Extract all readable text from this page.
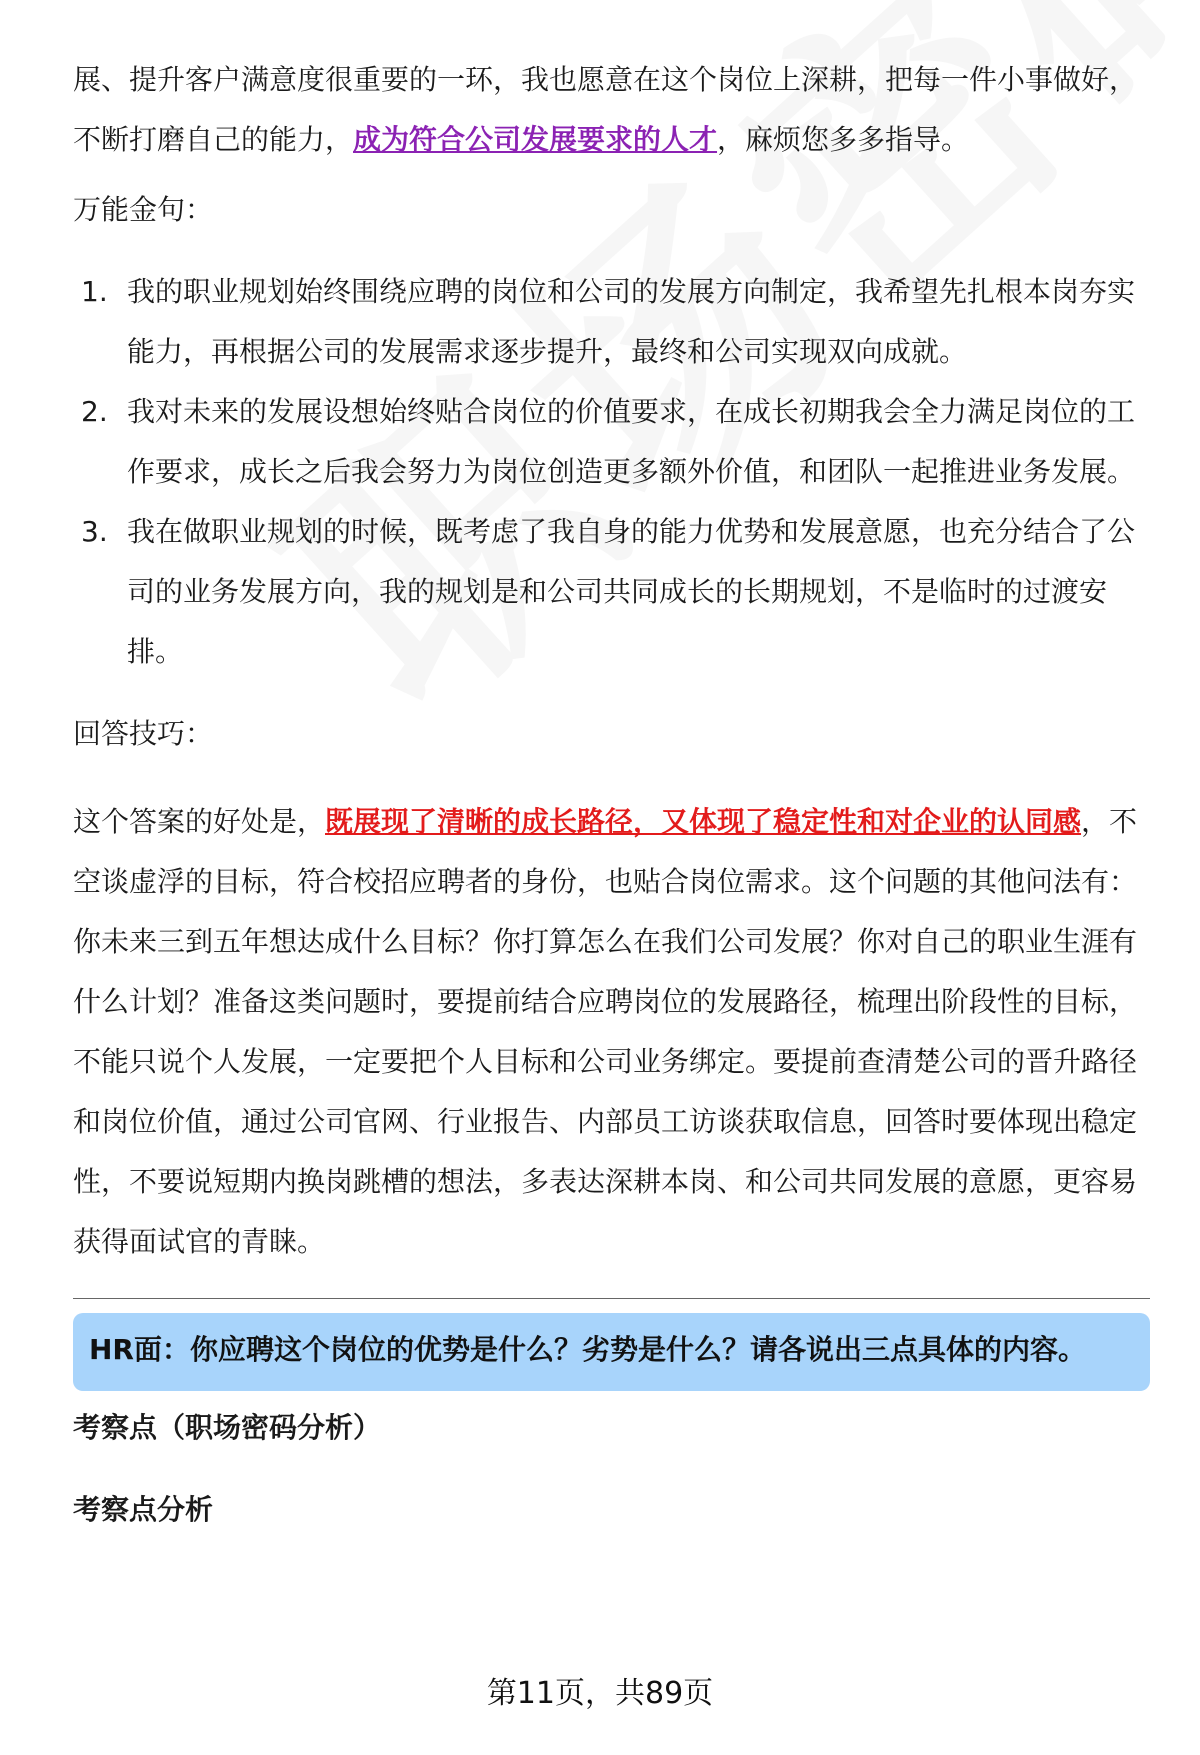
展、提升客户满意度很重要的一环，我也愿意在这个岗位上深耕，把每一件小事做好，不断打磨自己的能力，成为符合公司发展要求的人才，麻烦您多多指导。

万能金句：

1. 我的职业规划始终围绕应聘的岗位和公司的发展方向制定，我希望先扎根本岗夯实能力，再根据公司的发展需求逐步提升，最终和公司实现双向成就。
2. 我对未来的发展设想始终贴合岗位的价值要求，在成长初期我会全力满足岗位的工作要求，成长之后我会努力为岗位创造更多额外价值，和团队一起推进业务发展。
3. 我在做职业规划的时候，既考虑了我自身的能力优势和发展意愿，也充分结合了公司的业务发展方向，我的规划是和公司共同成长的长期规划，不是临时的过渡安排。

回答技巧：

这个答案的好处是，既展现了清晰的成长路径，又体现了稳定性和对企业的认同感，不空谈虚浮的目标，符合校招应聘者的身份，也贴合岗位需求。这个问题的其他问法有：你未来三到五年想达成什么目标？你打算怎么在我们公司发展？你对自己的职业生涯有什么计划？准备这类问题时，要提前结合应聘岗位的发展路径，梳理出阶段性的目标，不能只说个人发展，一定要把个人目标和公司业务绑定。要提前查清楚公司的晋升路径和岗位价值，通过公司官网、行业报告、内部员工访谈获取信息，回答时要体现出稳定性，不要说短期内换岗跳槽的想法，多表达深耕本岗、和公司共同发展的意愿，更容易获得面试官的青睐。

HR面：你应聘这个岗位的优势是什么？劣势是什么？请各说出三点具体的内容。
考察点（职场密码分析）
考察点分析
第11页，共89页
